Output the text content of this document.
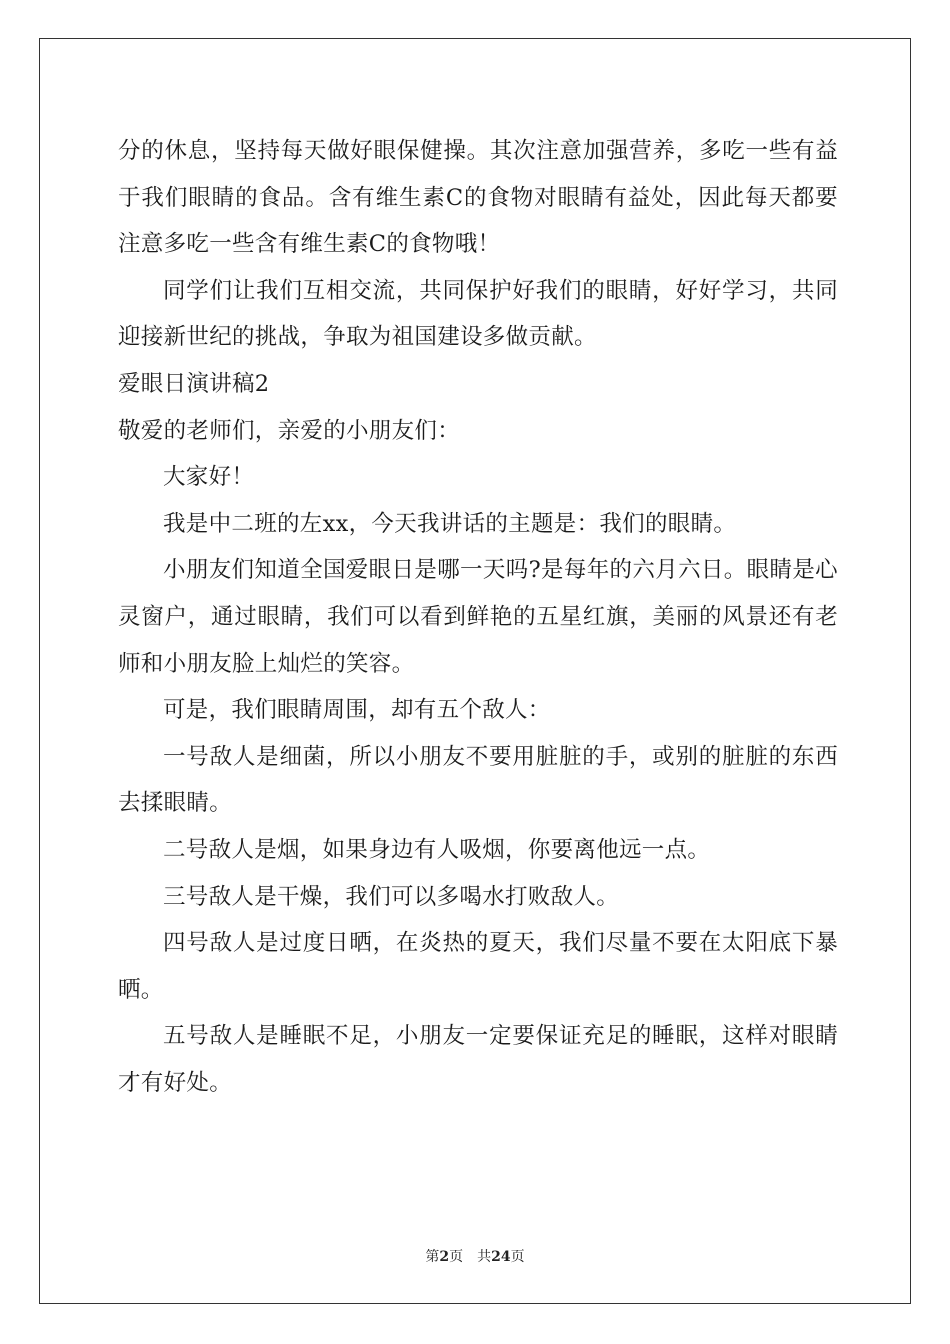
分的休息，坚持每天做好眼保健操。其次注意加强营养，多吃一些有益于我们眼睛的食品。含有维生素C的食物对眼睛有益处，因此每天都要注意多吃一些含有维生素C的食物哦！

同学们让我们互相交流，共同保护好我们的眼睛，好好学习，共同迎接新世纪的挑战，争取为祖国建设多做贡献。

爱眼日演讲稿2

敬爱的老师们，亲爱的小朋友们：

大家好！

我是中二班的左xx，今天我讲话的主题是：我们的眼睛。

小朋友们知道全国爱眼日是哪一天吗?是每年的六月六日。眼睛是心灵窗户，通过眼睛，我们可以看到鲜艳的五星红旗，美丽的风景还有老师和小朋友脸上灿烂的笑容。

可是，我们眼睛周围，却有五个敌人：

一号敌人是细菌，所以小朋友不要用脏脏的手，或别的脏脏的东西去揉眼睛。

二号敌人是烟，如果身边有人吸烟，你要离他远一点。

三号敌人是干燥，我们可以多喝水打败敌人。

四号敌人是过度日晒，在炎热的夏天，我们尽量不要在太阳底下暴晒。

五号敌人是睡眠不足，小朋友一定要保证充足的睡眠，这样对眼睛才有好处。

第2页 共24页
